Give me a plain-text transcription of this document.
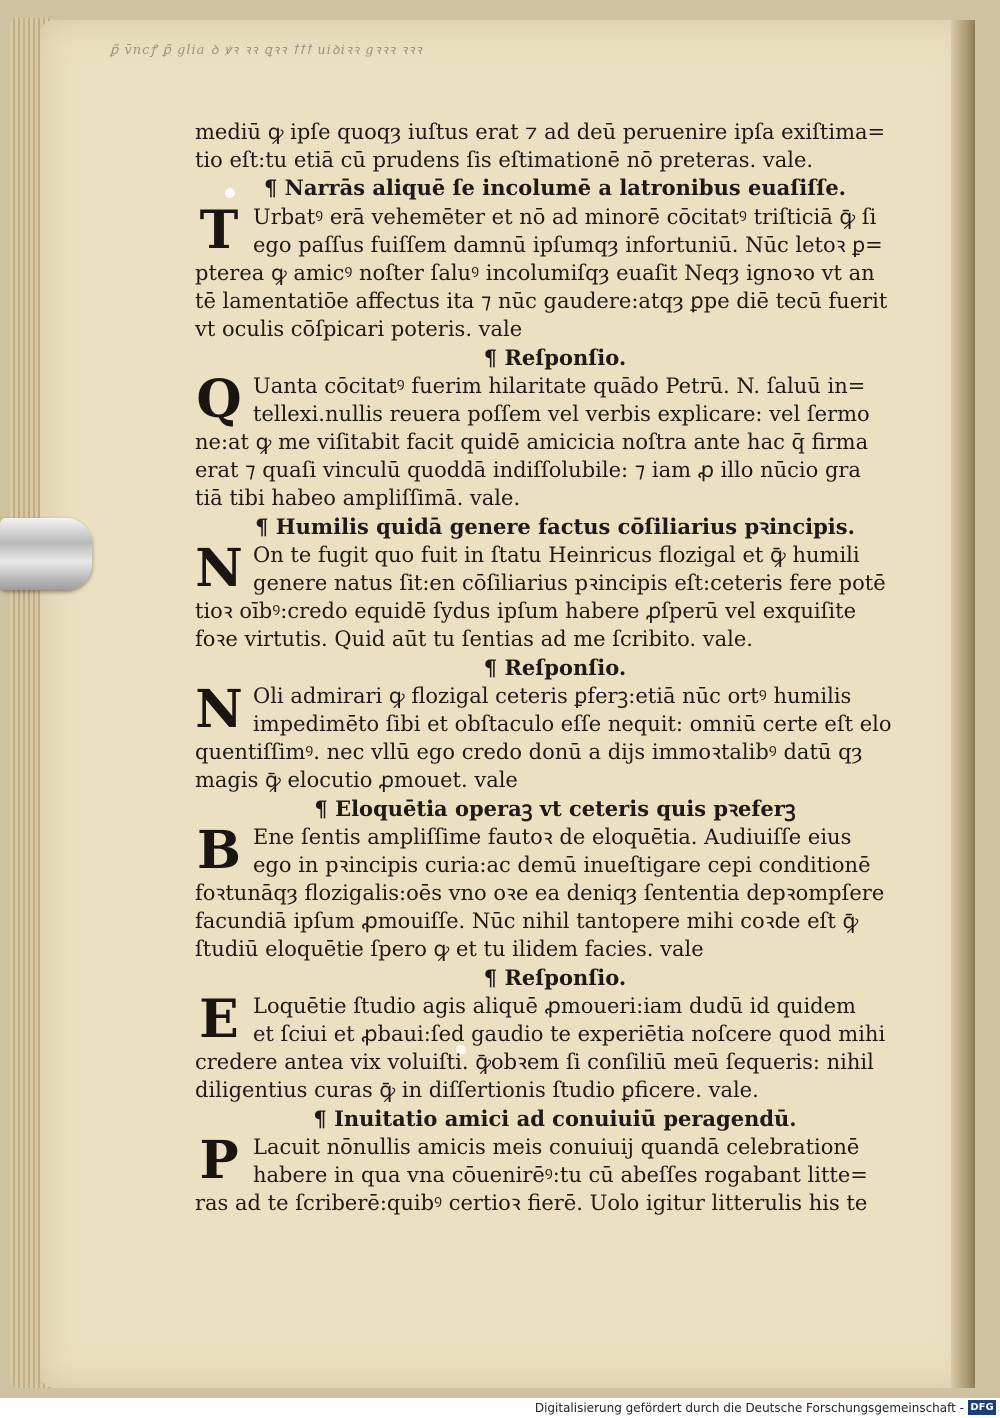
ꝑ̃ v̄ncꝭ ꝑ̃ glia ꝺ ꝟꝛ ꝛꝛ ꝗꝛꝛ ꝉꝉꝉ uiꝺiꝛꝛ gꝛꝛꝛ ꝛꝛꝛ
mediū ꝙ ipſe quoqȝ iuſtus erat ⁊ ad deū peruenire ipſa exiſtima=
tio eſt:tu etiā cū prudens ſis eſtimationē nō preteras. vale.
¶ Narrās aliquē ſe incolumē a latronibus euaſiſſe.
T Urbatꝰ erā vehemēter et nō ad minorē cōcitatꝰ triſticiā ꝙ̄ ſi
ego paſſus fuiſſem damnū ipſumqȝ infortuniū. Nūc letoꝛ ꝑ=
pterea ꝙ amicꝰ noſter ſaluꝰ incolumiſqȝ euaſit Neqȝ ignoꝛo vt an
tē lamentatiōe affectus ita ⁊ nūc gaudere:atqȝ ꝑpe diē tecū fuerit
vt oculis cōſpicari poteris. vale
¶ Reſponſio.
Q Uanta cōcitatꝰ fuerim hilaritate quādo Petrū. N. ſaluū in=
tellexi.nullis reuera poſſem vel verbis explicare: vel ſermo
ne:at ꝙ me viſitabit facit quidē amicicia noſtra ante hac q̄ firma
erat ⁊ quaſi vinculū quoddā indiſſolubile: ⁊ iam ꝓ illo nūcio gra
tiā tibi habeo ampliſſimā. vale.
¶ Humilis quidā genere factus cōſiliarius pꝛincipis.
N On te fugit quo fuit in ſtatu Heinricus flozigal et ꝙ̄ humili
genere natus ſit:en cōſiliarius pꝛincipis eſt:ceteris fere potē
tioꝛ oībꝰ:credo equidē ſydus ipſum habere ꝓſperū vel exquiſite
foꝛe virtutis. Quid aūt tu ſentias ad me ſcribito. vale.
¶ Reſponſio.
N Oli admirari ꝙ flozigal ceteris ꝑferꝫ:etiā nūc ortꝰ humilis
impedimēto ſibi et obſtaculo eſſe nequit: omniū certe eſt elo
quentiſſimꝰ. nec vllū ego credo donū a dijs immoꝛtalibꝰ datū qȝ
magis ꝙ̄ elocutio ꝓmouet. vale
¶ Eloquētia operaꝫ vt ceteris quis pꝛeferꝫ
B Ene ſentis ampliſſime fautoꝛ de eloquētia. Audiuiſſe eius
ego in pꝛincipis curia:ac demū inueſtigare cepi conditionē
foꝛtunāqȝ flozigalis:oēs vno oꝛe ea deniqȝ ſententia depꝛompſere
facundiā ipſum ꝓmouiſſe. Nūc nihil tantopere mihi coꝛde eſt ꝙ̄
ſtudiū eloquētie ſpero ꝙ et tu ilidem facies. vale
¶ Reſponſio.
E Loquētie ſtudio agis aliquē ꝓmoueri:iam dudū id quidem
et ſciui et ꝓbaui:ſed gaudio te experiētia noſcere quod mihi
credere antea vix voluiſti. ꝙ̄obꝛem ſi conſiliū meū ſequeris: nihil
diligentius curas ꝙ̄ in diſſertionis ſtudio ꝑficere. vale.
¶ Inuitatio amici ad conuiuiū peragendū.
P Lacuit nōnullis amicis meis conuiuij quandā celebrationē
habere in qua vna cōuenirēꝰ:tu cū abeſſes rogabant litte=
ras ad te ſcriberē:quibꝰ certioꝛ fierē. Uolo igitur litterulis his te
Digitalisierung gefördert durch die Deutsche Forschungsgemeinschaft - DFG
